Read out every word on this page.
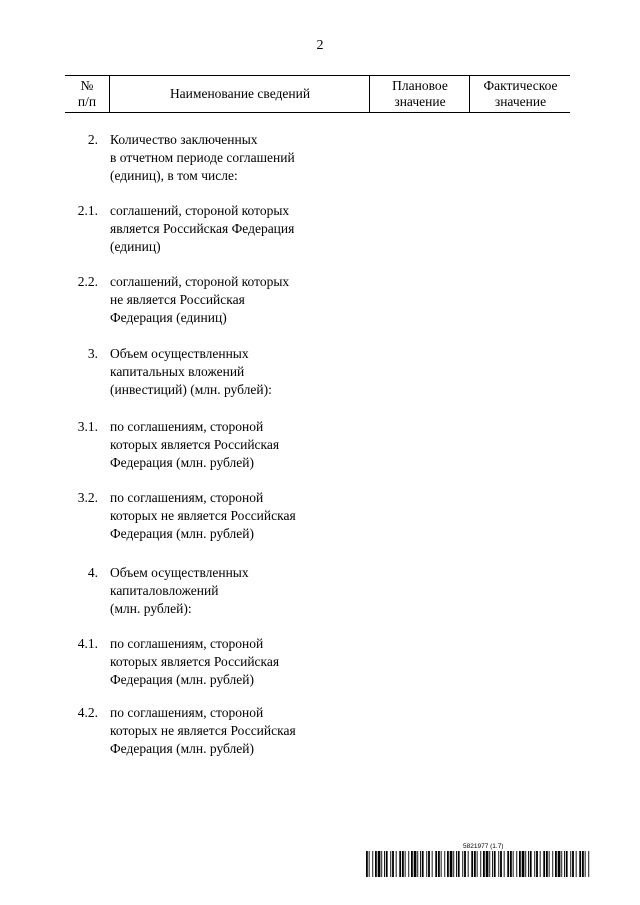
2
№
п/п
Наименование сведений
Плановое
значение
Фактическое
значение
2. Количество заключенных
в отчетном периоде соглашений
(единиц), в том числе:
2.1. соглашений, стороной которых
является Российская Федерация
(единиц)
2.2. соглашений, стороной которых
не является Российская
Федерация (единиц)
3. Объем осуществленных
капитальных вложений
(инвестиций) (млн. рублей):
3.1. по соглашениям, стороной
которых является Российская
Федерация (млн. рублей)
3.2. по соглашениям, стороной
которых не является Российская
Федерация (млн. рублей)
4. Объем осуществленных
капиталовложений
(млн. рублей):
4.1. по соглашениям, стороной
которых является Российская
Федерация (млн. рублей)
4.2. по соглашениям, стороной
которых не является Российская
Федерация (млн. рублей)
5821977 (1.7)
